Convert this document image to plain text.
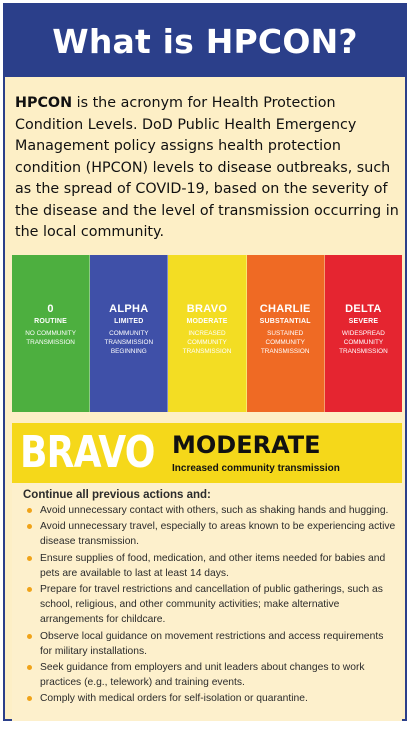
What is HPCON?

HPCON is the acronym for Health Protection Condition Levels. DoD Public Health Emergency Management policy assigns health protection condition (HPCON) levels to disease outbreaks, such as the spread of COVID-19, based on the severity of the disease and the level of transmission occurring in the local community.

0
ROUTINE
NO COMMUNITY TRANSMISSION
ALPHA
LIMITED
COMMUNITY TRANSMISSION BEGINNING
BRAVO
MODERATE
INCREASED COMMUNITY TRANSMISSION
CHARLIE
SUBSTANTIAL
SUSTAINED COMMUNITY TRANSMISSION
DELTA
SEVERE
WIDESPREAD COMMUNITY TRANSMISSION
BRAVO MODERATE
Increased community transmission
Continue all previous actions and:
Avoid unnecessary contact with others, such as shaking hands and hugging.
Avoid unnecessary travel, especially to areas known to be experiencing active disease transmission.
Ensure supplies of food, medication, and other items needed for babies and pets are available to last at least 14 days.
Prepare for travel restrictions and cancellation of public gatherings, such as school, religious, and other community activities; make alternative arrangements for childcare.
Observe local guidance on movement restrictions and access requirements for military installations.
Seek guidance from employers and unit leaders about changes to work practices (e.g., telework) and training events.
Comply with medical orders for self-isolation or quarantine.
